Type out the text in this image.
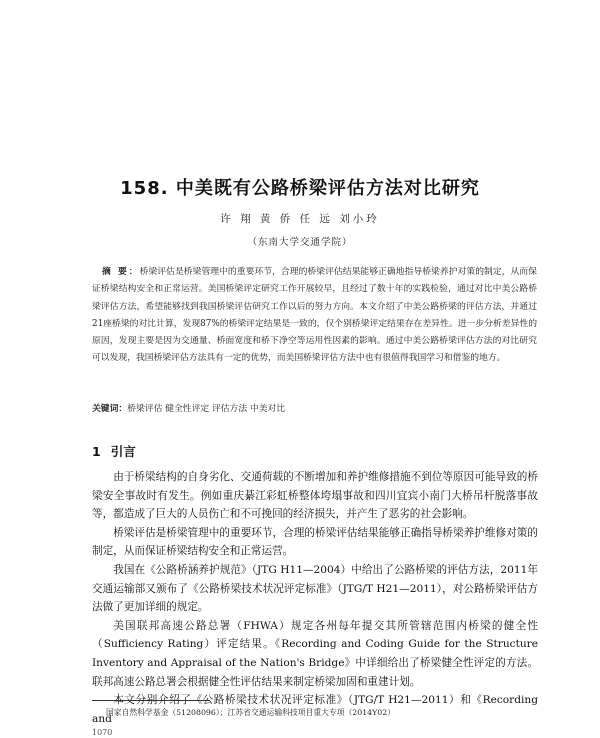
158. 中美既有公路桥梁评估方法对比研究
许 翔 黄 侨 任 远 刘小玲
（东南大学交通学院）
摘 要：桥梁评估是桥梁管理中的重要环节，合理的桥梁评估结果能够正确地指导桥梁养护对策的制定，从而保证桥梁结构安全和正常运营。美国桥梁评定研究工作开展较早，且经过了数十年的实践检验，通过对比中美公路桥梁评估方法，希望能够找到我国桥梁评估研究工作以后的努力方向。本文介绍了中美公路桥梁的评估方法，并通过21座桥梁的对比计算，发现87%的桥梁评定结果是一致的，仅个别桥梁评定结果存在差异性。进一步分析差异性的原因，发现主要是因为交通量、桥面宽度和桥下净空等运用性因素的影响。通过中美公路桥梁评估方法的对比研究可以发现，我国桥梁评估方法具有一定的优势，而美国桥梁评估方法中也有很值得我国学习和借鉴的地方。
关键词：桥梁评估 健全性评定 评估方法 中美对比
1 引言

由于桥梁结构的自身劣化、交通荷载的不断增加和养护维修措施不到位等原因可能导致的桥梁安全事故时有发生。例如重庆綦江彩虹桥整体垮塌事故和四川宜宾小南门大桥吊杆脱落事故等，都造成了巨大的人员伤亡和不可挽回的经济损失，并产生了恶劣的社会影响。

桥梁评估是桥梁管理中的重要环节，合理的桥梁评估结果能够正确指导桥梁养护维修对策的制定，从而保证桥梁结构安全和正常运营。

我国在《公路桥涵养护规范》（JTG H11—2004）中给出了公路桥梁的评估方法，2011年交通运输部又颁布了《公路桥梁技术状况评定标准》（JTG/T H21—2011），对公路桥梁评估方法做了更加详细的规定。

美国联邦高速公路总署（FHWA）规定各州每年提交其所管辖范围内桥梁的健全性（Sufficiency Rating）评定结果。《Recording and Coding Guide for the Structure Inventory and Appraisal of the Nation's Bridge》中详细给出了桥梁健全性评定的方法。联邦高速公路总署会根据健全性评估结果来制定桥梁加固和重建计划。

本文分别介绍了《公路桥梁技术状况评定标准》（JTG/T H21—2011）和《Recording and

国家自然科学基金（51208096）；江苏省交通运输科技项目重大专项（2014Y02）
1070
